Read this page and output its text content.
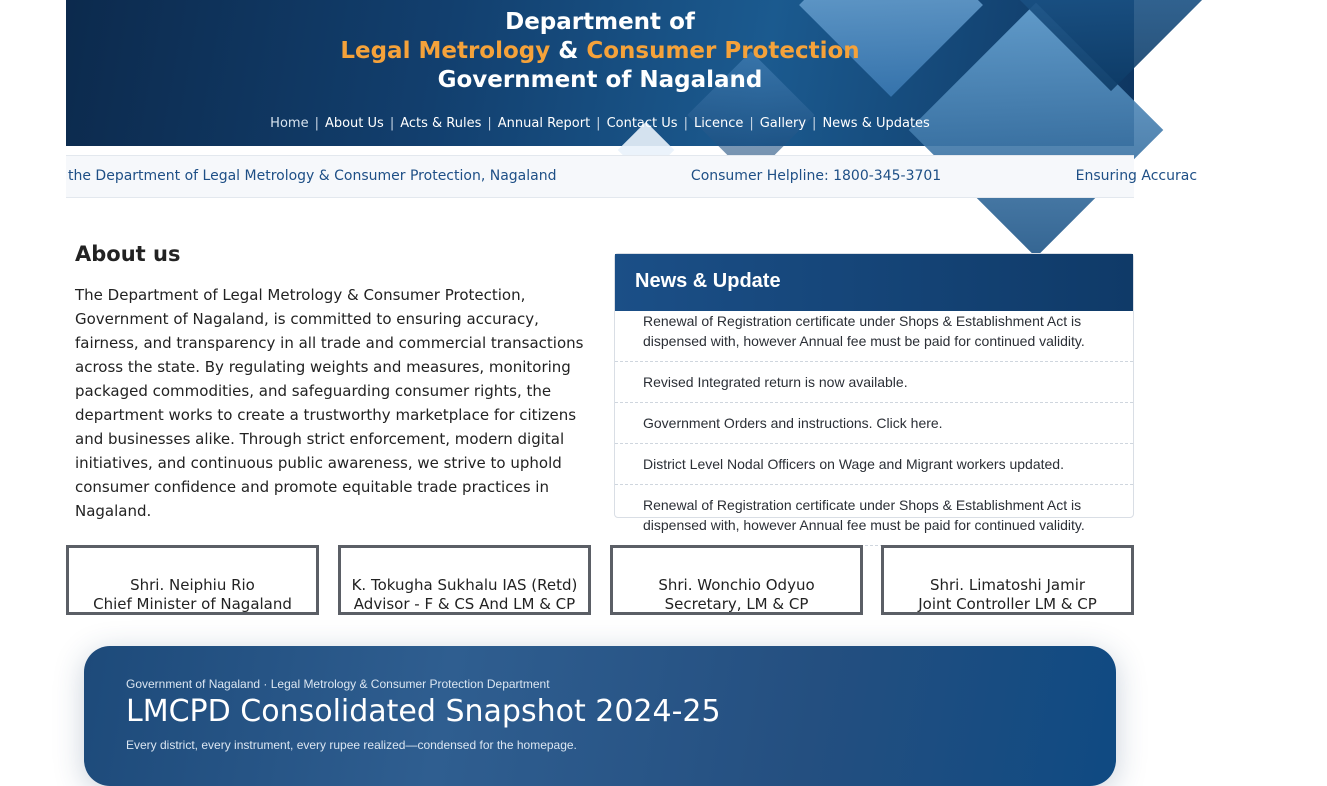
Department of
Legal Metrology & Consumer Protection
Government of Nagaland
Home | About Us | Acts & Rules | Annual Report | Contact Us | Licence | Gallery | News & Updates
the Department of Legal Metrology & Consumer Protection, Nagaland	Consumer Helpline: 1800-345-3701	Ensuring Accurac
About us

The Department of Legal Metrology & Consumer Protection, Government of Nagaland, is committed to ensuring accuracy, fairness, and transparency in all trade and commercial transactions across the state. By regulating weights and measures, monitoring packaged commodities, and safeguarding consumer rights, the department works to create a trustworthy marketplace for citizens and businesses alike. Through strict enforcement, modern digital initiatives, and continuous public awareness, we strive to uphold consumer confidence and promote equitable trade practices in Nagaland.

News & Update
Renewal of Registration certificate under Shops & Establishment Act is dispensed with, however Annual fee must be paid for continued validity.
Revised Integrated return is now available.
Government Orders and instructions. Click here.
District Level Nodal Officers on Wage and Migrant workers updated.
Renewal of Registration certificate under Shops & Establishment Act is dispensed with, however Annual fee must be paid for continued validity.
Shri. Neiphiu Rio
Chief Minister of Nagaland
K. Tokugha Sukhalu IAS (Retd)
Advisor - F & CS And LM & CP
Shri. Wonchio Odyuo
Secretary, LM & CP
Shri. Limatoshi Jamir
Joint Controller LM & CP
Government of Nagaland · Legal Metrology & Consumer Protection Department
LMCPD Consolidated Snapshot 2024-25
Every district, every instrument, every rupee realized—condensed for the homepage.
